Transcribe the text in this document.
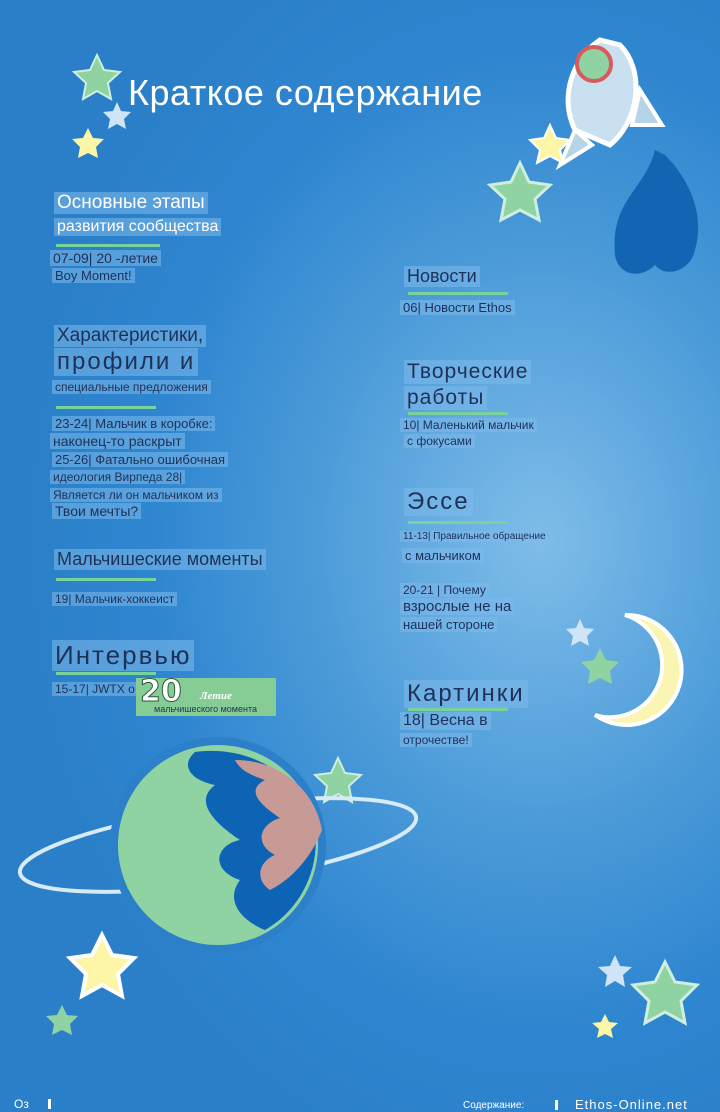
Краткое содержание
Основные этапы
развития сообщества
07-09| 20 -летие
Boy Moment!
Характеристики,
профили и
специальные предложения
23-24| Мальчик в коробке:
наконец-то раскрыт
25-26| Фатально ошибочная
идеология Вирпеда 28|
Является ли он мальчиком из
Твои мечты?
Мальчишеские моменты
19| Мальчик-хоккеист
Интервью
15-17| JWTX о 20 Летие
мальчишеского момента
Новости
06| Новости Ethos
Творческие
работы
10| Маленький мальчик
с фокусами
Эссе
11-13| Правильное обращение
с мальчиком
20-21 | Почему
взрослые не на
нашей стороне
Картинки
18| Весна в
отрочестве!
Оз	Содержание:	Ethos-Online.net
